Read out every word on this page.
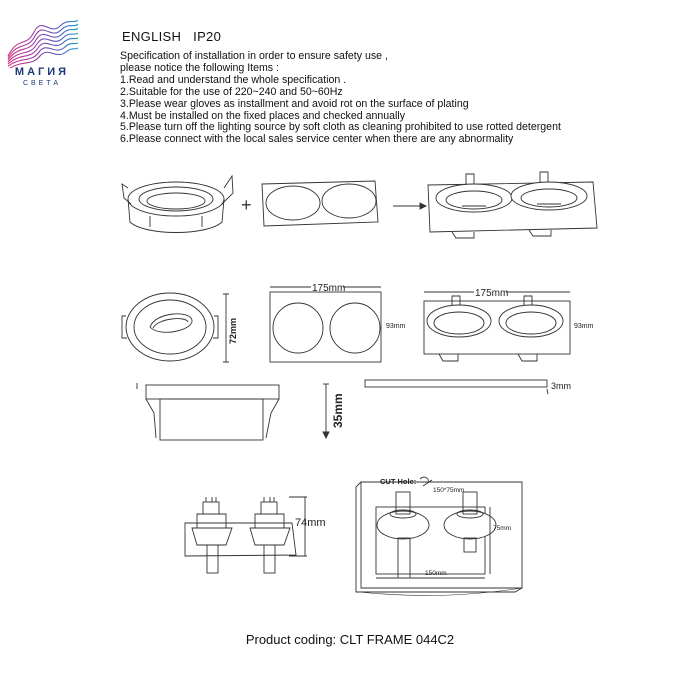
МАГИЯ
СВЕТА
ENGLISH IP20
Specification of installation in order to ensure safety use ,
please notice the following Items :
1.Read and understand the whole specification .
2.Suitable for the use of 220~240 and 50~60Hz
3.Please wear gloves as installment and avoid rot on the surface of plating
4.Must be installed on the fixed places and checked annually
5.Please turn off the lighting source by soft cloth as cleaning prohibited to use rotted detergent
6.Please connect with the local sales service center when there are any abnormality
+
72mm
175mm
93mm
175mm
93mm
35mm
3mm
74mm
CUT-Hole:
150*75mm
75mm
150mm
Product coding: CLT FRAME 044C2
